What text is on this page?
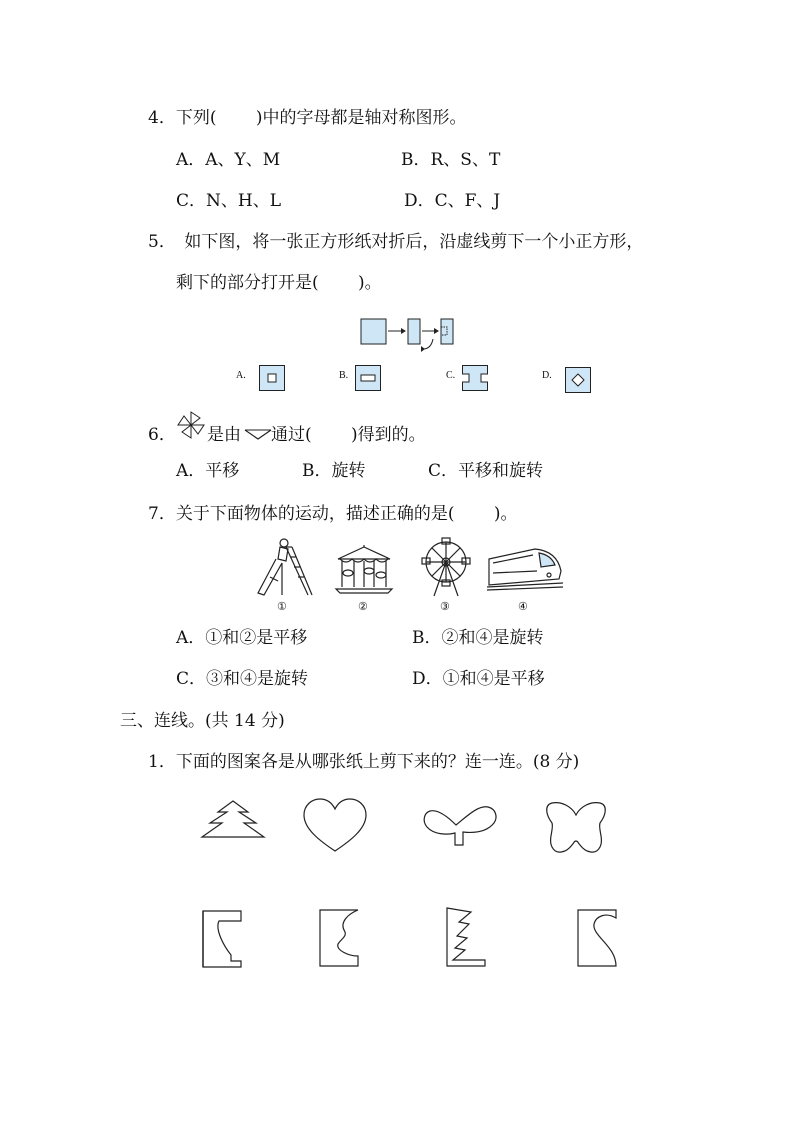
4．下列(　　 )中的字母都是轴对称图形。
A．A、Y、M	B．R、S、T
C．N、H、L	D．C、F、J
5．　如下图，将一张正方形纸对折后，沿虚线剪下一个小正方形，
剩下的部分打开是(　　 )。
A.	B.	C.	D.
6． 是由 通过(　　 )得到的。
A．平移	B．旋转	C．平移和旋转
7．关于下面物体的运动，描述正确的是(　　 )。
①	②	③	④
A．①和②是平移	B．②和④是旋转
C．③和④是旋转	D．①和④是平移
三、连线。(共 14 分)
1．下面的图案各是从哪张纸上剪下来的？连一连。(8 分)
